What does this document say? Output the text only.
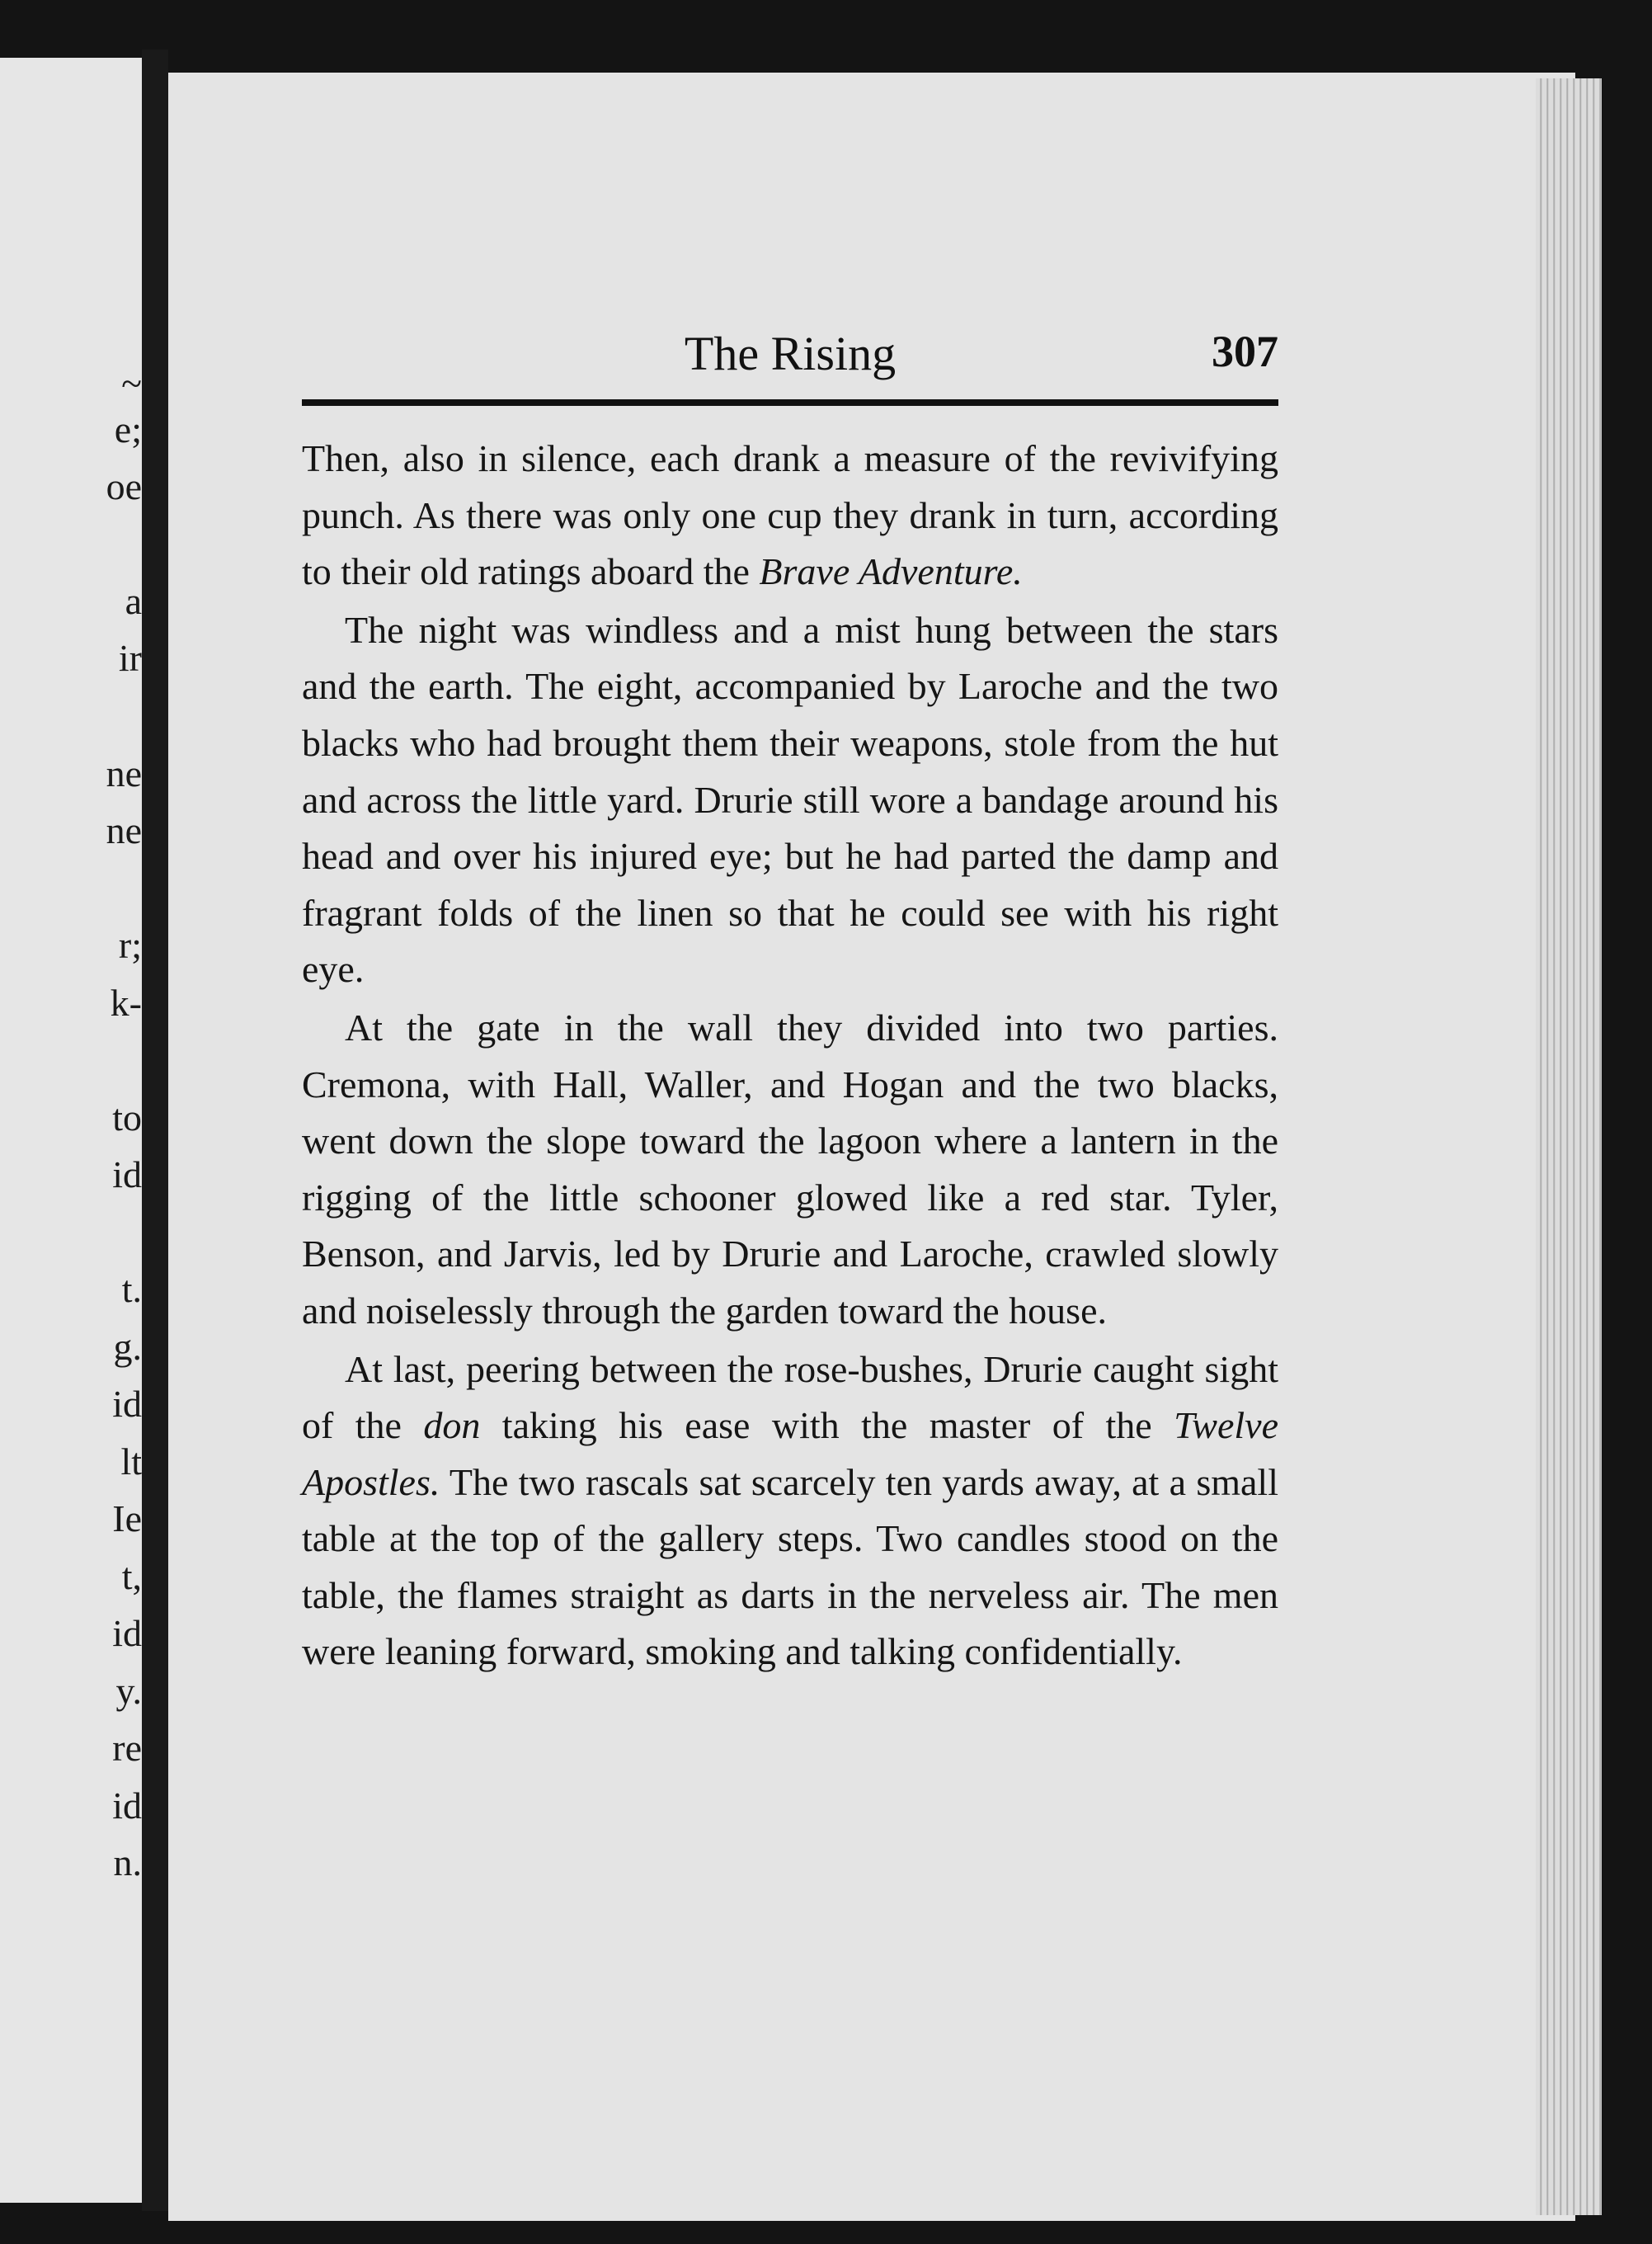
~
e;
oe
a
ir
ne
ne
r;
k-
to
id
t.
g.
id
lt
Ie
t,
id
y.
re
id
n.
The Rising	307

Then, also in silence, each drank a measure of the revivifying punch. As there was only one cup they drank in turn, according to their old ratings aboard the Brave Adventure.

The night was windless and a mist hung between the stars and the earth. The eight, accompanied by Laroche and the two blacks who had brought them their weapons, stole from the hut and across the little yard. Drurie still wore a bandage around his head and over his injured eye; but he had parted the damp and fragrant folds of the linen so that he could see with his right eye.

At the gate in the wall they divided into two parties. Cremona, with Hall, Waller, and Hogan and the two blacks, went down the slope toward the lagoon where a lantern in the rigging of the little schooner glowed like a red star. Tyler, Benson, and Jarvis, led by Drurie and Laroche, crawled slowly and noiselessly through the garden toward the house.

At last, peering between the rose-bushes, Drurie caught sight of the don taking his ease with the master of the Twelve Apostles. The two rascals sat scarcely ten yards away, at a small table at the top of the gallery steps. Two candles stood on the table, the flames straight as darts in the nerveless air. The men were leaning forward, smoking and talking confidentially.
